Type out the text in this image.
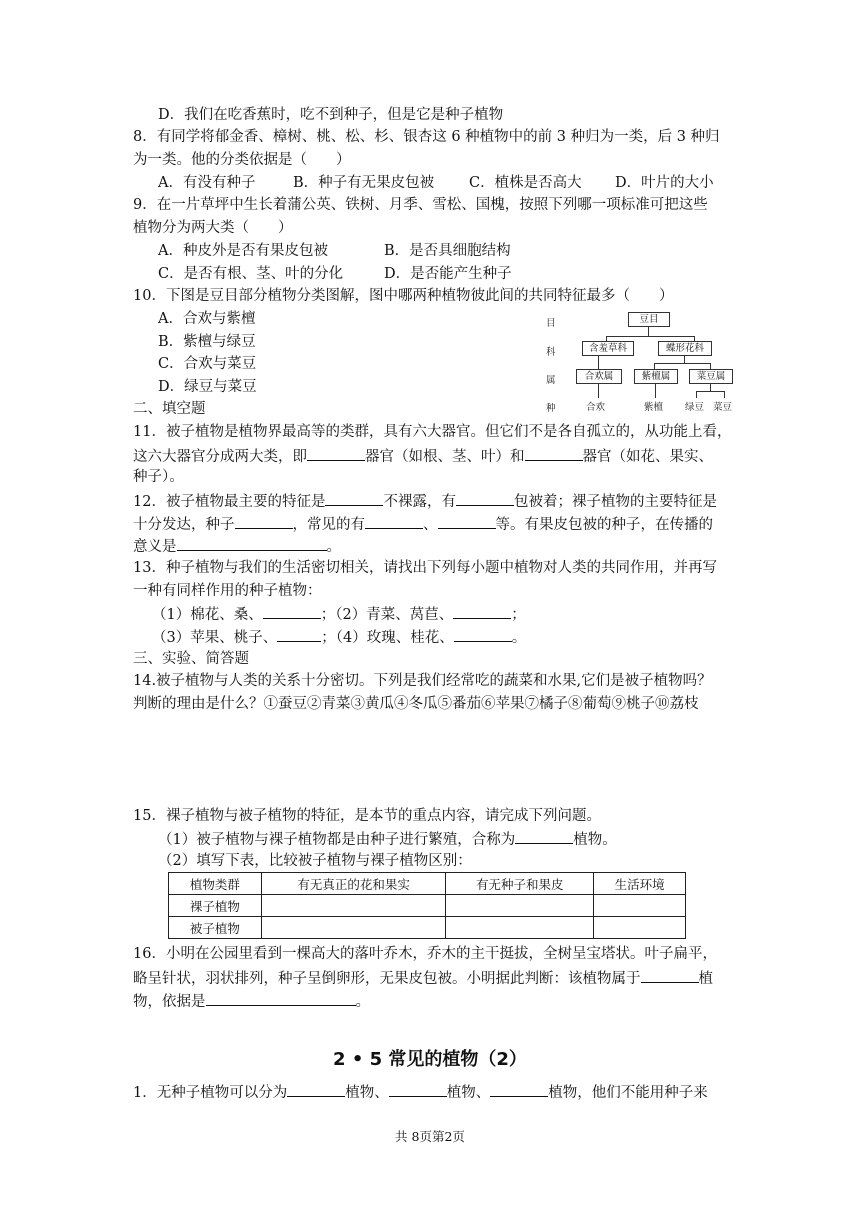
D．我们在吃香蕉时，吃不到种子，但是它是种子植物
8．有同学将郁金香、樟树、桃、松、杉、银杏这 6 种植物中的前 3 种归为一类，后 3 种归
为一类。他的分类依据是（　　）
A．有没有种子	B．种子有无果皮包被 C．植株是否高大 D．叶片的大小
9．在一片草坪中生长着蒲公英、铁树、月季、雪松、国槐，按照下列哪一项标准可把这些
植物分为两大类（　　）
A．种皮外是否有果皮包被	B．是否具细胞结构
C．是否有根、茎、叶的分化	D．是否能产生种子
10．下图是豆目部分植物分类图解，图中哪两种植物彼此间的共同特征最多（　　）
A．合欢与紫檀
B．紫檀与绿豆
C．合欢与菜豆
D．绿豆与菜豆
目
科
属
种
豆目
含羞草科	蝶形花科
合欢属	紫檀属	菜豆属
合欢	紫檀 绿豆 菜豆
二、填空题
11．被子植物是植物界最高等的类群，具有六大器官。但它们不是各自孤立的，从功能上看，
这六大器官分成两大类，即	器官（如根、茎、叶）和	器官（如花、果实、
种子）。
12．被子植物最主要的特征是	不裸露，有	包被着；裸子植物的主要特征是
十分发达，种子	，常见的有	、	等。有果皮包被的种子，在传播的
意义是	。
13．种子植物与我们的生活密切相关，请找出下列每小题中植物对人类的共同作用，并再写
一种有同样作用的种子植物：
（1）棉花、桑、	；（2）青菜、莴苣、	；
（3）苹果、桃子、	；（4）玫瑰、桂花、	。
三、实验、简答题
14.被子植物与人类的关系十分密切。下列是我们经常吃的蔬菜和水果,它们是被子植物吗？
判断的理由是什么？①蚕豆②青菜③黄瓜④冬瓜⑤番茄⑥苹果⑦橘子⑧葡萄⑨桃子⑩荔枝
15．裸子植物与被子植物的特征，是本节的重点内容，请完成下列问题。
（1）被子植物与裸子植物都是由种子进行繁殖，合称为	植物。
（2）填写下表，比较被子植物与裸子植物区别：
植物类群	有无真正的花和果实	有无种子和果皮	生活环境
裸子植物			
被子植物			
16．小明在公园里看到一棵高大的落叶乔木，乔木的主干挺拔，全树呈宝塔状。叶子扁平，
略呈针状，羽状排列，种子呈倒卵形，无果皮包被。小明据此判断：该植物属于	植
物，依据是	。
2 • 5 常见的植物（2）
1．无种子植物可以分为	植物、	植物、	植物，他们不能用种子来
共 8页第2页
